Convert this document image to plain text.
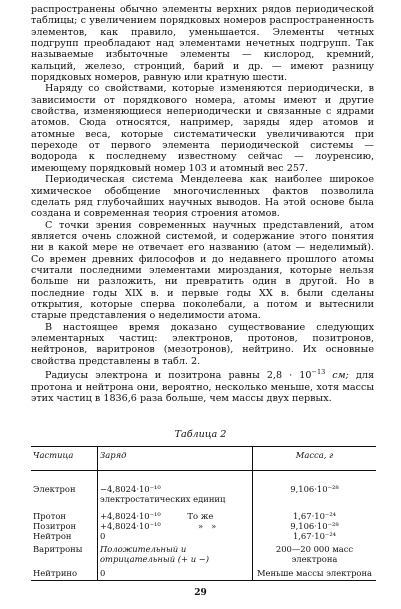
распространены обычно элементы верхних рядов периодической таблицы; с увеличением порядковых номеров распространенность элементов, как правило, уменьшается. Элементы четных подгрупп преобладают над элементами нечетных подгрупп. Так называемые избыточные элементы — кислород, кремний, кальций, железо, стронций, барий и др. — имеют разницу порядковых номеров, равную или кратную шести.

Наряду со свойствами, которые изменяются периодически, в зависимости от порядкового номера, атомы имеют и другие свойства, изменяющиеся непериодически и связанные с ядрами атомов. Сюда относятся, например, заряды ядер атомов и атомные веса, которые систематически увеличиваются при переходе от первого элемента периодической системы — водорода к последнему известному сейчас — лоуренсию, имеющему порядковый номер 103 и атомный вес 257.

Периодическая система Менделеева как наиболее широкое химическое обобщение многочисленных фактов позволила сделать ряд глубочайших научных выводов. На этой основе была создана и современная теория строения атомов.

С точки зрения современных научных представлений, атом является очень сложной системой, и содержание этого понятия ни в какой мере не отвечает его названию (атом — неделимый). Со времен древних философов и до недавнего прошлого атомы считали последними элементами мироздания, которые нельзя больше ни разложить, ни превратить один в другой. Но в последние годы XIX в. и первые годы XX в. были сделаны открытия, которые сперва поколебали, а потом и вытеснили старые представления о неделимости атома.

В настоящее время доказано существование следующих элементарных частиц: электронов, протонов, позитронов, нейтронов, варитронов (мезотронов), нейтрино. Их основные свойства представлены в табл. 2.

Радиусы электрона и позитрона равны $2,8 \cdot 10^{-13}$ см; для протона и нейтрона они, вероятно, несколько меньше, хотя массы этих частиц в 1836,6 раза больше, чем массы двух первых.

Таблица 2
Частица	Заряд	Масса, г
Электрон	−4,8024·10⁻¹⁰ электростатических единиц	9,106·10⁻²⁸
Протон	+4,8024·10⁻¹⁰          То же	1,67·10⁻²⁴
Позитрон	+4,8024·10⁻¹⁰              »   »	9,106·10⁻²⁸
Нейтрон	0	1,67·10⁻²⁴
Варитроны	Положительный и отрицательный (+ и −)	200—20 000 масс электрона
Нейтрино	0	Меньше массы электрона
29
